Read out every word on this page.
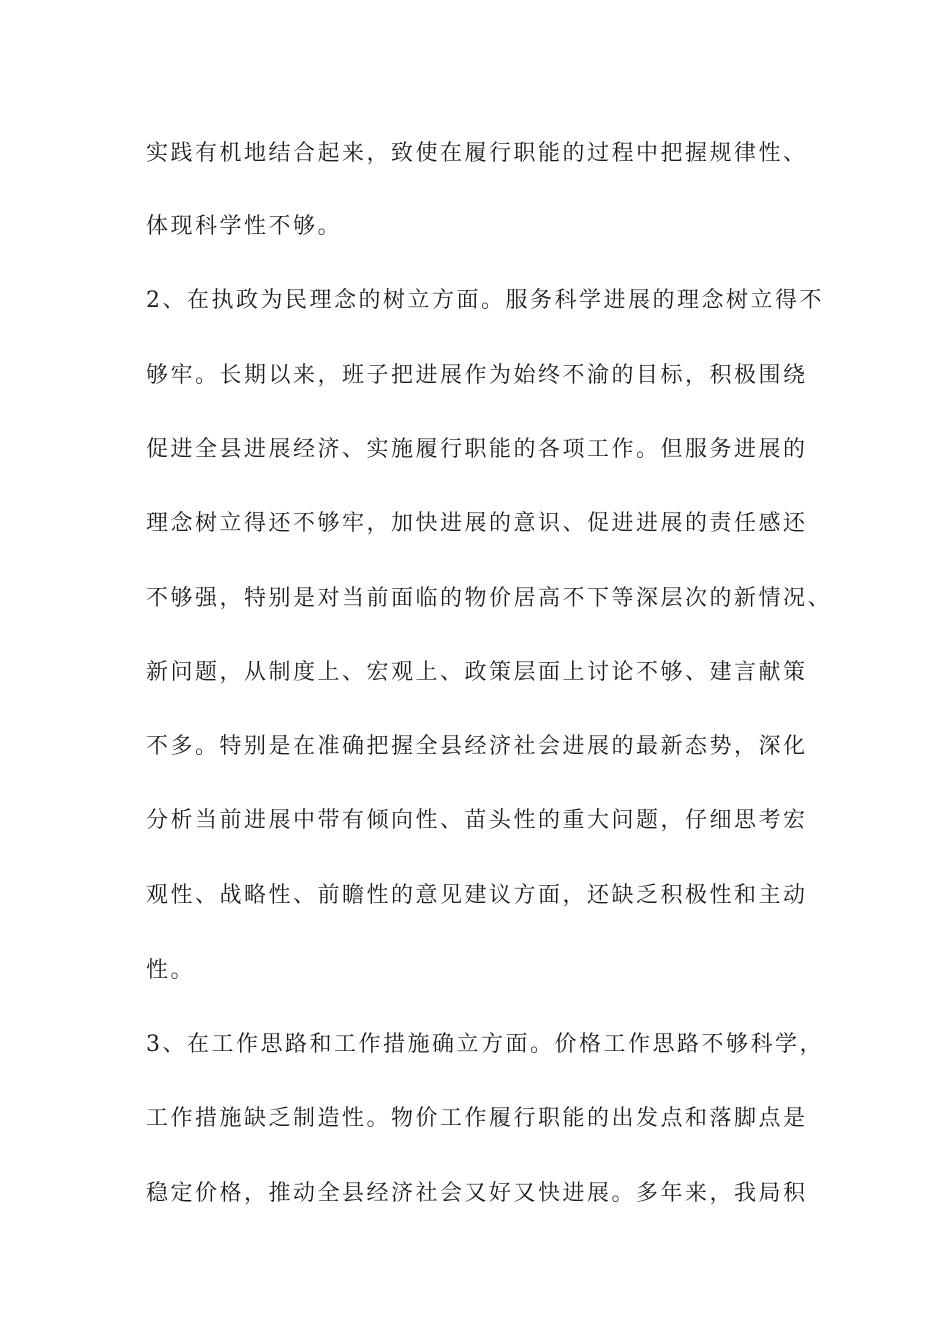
实践有机地结合起来，致使在履行职能的过程中把握规律性、
体现科学性不够。
2、在执政为民理念的树立方面。服务科学进展的理念树立得不
够牢。长期以来，班子把进展作为始终不渝的目标，积极围绕
促进全县进展经济、实施履行职能的各项工作。但服务进展的
理念树立得还不够牢，加快进展的意识、促进进展的责任感还
不够强，特别是对当前面临的物价居高不下等深层次的新情况、
新问题，从制度上、宏观上、政策层面上讨论不够、建言献策
不多。特别是在准确把握全县经济社会进展的最新态势，深化
分析当前进展中带有倾向性、苗头性的重大问题，仔细思考宏
观性、战略性、前瞻性的意见建议方面，还缺乏积极性和主动
性。
3、在工作思路和工作措施确立方面。价格工作思路不够科学，
工作措施缺乏制造性。物价工作履行职能的出发点和落脚点是
稳定价格，推动全县经济社会又好又快进展。多年来，我局积
